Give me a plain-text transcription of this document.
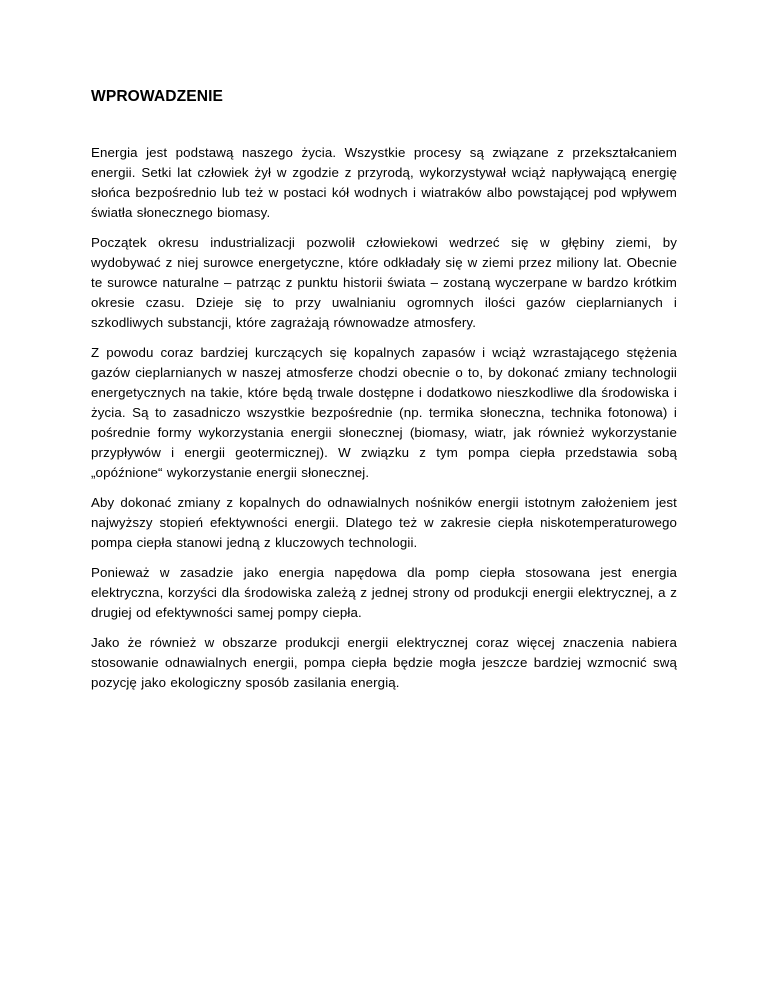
WPROWADZENIE

Energia jest podstawą naszego życia. Wszystkie procesy są związane z przekształcaniem energii. Setki lat człowiek żył w zgodzie z przyrodą, wykorzystywał wciąż napływającą energię słońca bezpośrednio lub też w postaci kół wodnych i wiatraków albo powstającej pod wpływem światła słonecznego biomasy.

Początek okresu industrializacji pozwolił człowiekowi wedrzeć się w głębiny ziemi, by wydobywać z niej surowce energetyczne, które odkładały się w ziemi przez miliony lat. Obecnie te surowce naturalne – patrząc z punktu historii świata – zostaną wyczerpane w bardzo krótkim okresie czasu. Dzieje się to przy uwalnianiu ogromnych ilości gazów cieplarnianych i szkodliwych substancji, które zagrażają równowadze atmosfery.

Z powodu coraz bardziej kurczących się kopalnych zapasów i wciąż wzrastającego stężenia gazów cieplarnianych w naszej atmosferze chodzi obecnie o to, by dokonać zmiany technologii energetycznych na takie, które będą trwale dostępne i dodatkowo nieszkodliwe dla środowiska i życia. Są to zasadniczo wszystkie bezpośrednie (np. termika słoneczna, technika fotonowa) i pośrednie formy wykorzystania energii słonecznej (biomasy, wiatr, jak również wykorzystanie przypływów i energii geotermicznej). W związku z tym pompa ciepła przedstawia sobą „opóźnione“ wykorzystanie energii słonecznej.

Aby dokonać zmiany z kopalnych do odnawialnych nośników energii istotnym założeniem jest najwyższy stopień efektywności energii. Dlatego też w zakresie ciepła niskotemperaturowego pompa ciepła stanowi jedną z kluczowych technologii.

Ponieważ w zasadzie jako energia napędowa dla pomp ciepła stosowana jest energia elektryczna, korzyści dla środowiska zależą z jednej strony od produkcji energii elektrycznej, a z drugiej od efektywności samej pompy ciepła.

Jako że również w obszarze produkcji energii elektrycznej coraz więcej znaczenia nabiera stosowanie odnawialnych energii, pompa ciepła będzie mogła jeszcze bardziej wzmocnić swą pozycję jako ekologiczny sposób zasilania energią.
